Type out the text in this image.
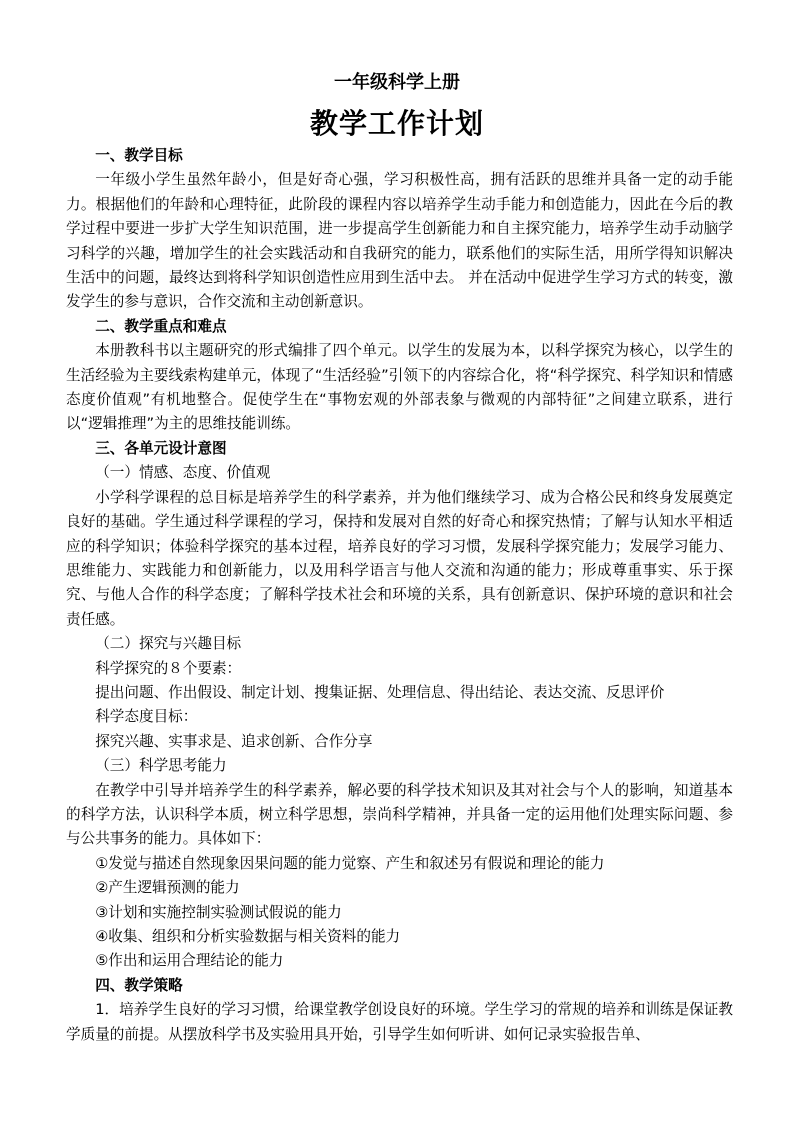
一年级科学上册
教学工作计划

一、教学目标

一年级小学生虽然年龄小，但是好奇心强，学习积极性高，拥有活跃的思维并具备一定的动手能力。根据他们的年龄和心理特征，此阶段的课程内容以培养学生动手能力和创造能力，因此在今后的教学过程中要进一步扩大学生知识范围，进一步提高学生创新能力和自主探究能力，培养学生动手动脑学习科学的兴趣，增加学生的社会实践活动和自我研究的能力，联系他们的实际生活，用所学得知识解决生活中的问题，最终达到将科学知识创造性应用到生活中去。 并在活动中促进学生学习方式的转变，激发学生的参与意识，合作交流和主动创新意识。

二、教学重点和难点

本册教科书以主题研究的形式编排了四个单元。以学生的发展为本，以科学探究为核心，以学生的生活经验为主要线索构建单元，体现了“生活经验”引领下的内容综合化，将“科学探究、科学知识和情感态度价值观”有机地整合。促使学生在“事物宏观的外部表象与微观的内部特征”之间建立联系，进行以“逻辑推理”为主的思维技能训练。

三、各单元设计意图

（一）情感、态度、价值观

小学科学课程的总目标是培养学生的科学素养，并为他们继续学习、成为合格公民和终身发展奠定良好的基础。学生通过科学课程的学习，保持和发展对自然的好奇心和探究热情；了解与认知水平相适应的科学知识；体验科学探究的基本过程，培养良好的学习习惯，发展科学探究能力；发展学习能力、思维能力、实践能力和创新能力，以及用科学语言与他人交流和沟通的能力；形成尊重事实、乐于探究、与他人合作的科学态度；了解科学技术社会和环境的关系，具有创新意识、保护环境的意识和社会责任感。

（二）探究与兴趣目标

科学探究的８个要素：

提出问题、作出假设、制定计划、搜集证据、处理信息、得出结论、表达交流、反思评价

科学态度目标：

探究兴趣、实事求是、追求创新、合作分享

（三）科学思考能力

在教学中引导并培养学生的科学素养，解必要的科学技术知识及其对社会与个人的影响，知道基本的科学方法，认识科学本质，树立科学思想，崇尚科学精神，并具备一定的运用他们处理实际问题、参与公共事务的能力。具体如下：

①发觉与描述自然现象因果问题的能力觉察、产生和叙述另有假说和理论的能力

②产生逻辑预测的能力

③计划和实施控制实验测试假说的能力

④收集、组织和分析实验数据与相关资料的能力

⑤作出和运用合理结论的能力

四、教学策略

1．培养学生良好的学习习惯，给课堂教学创设良好的环境。学生学习的常规的培养和训练是保证教学质量的前提。从摆放科学书及实验用具开始，引导学生如何听讲、如何记录实验报告单、
